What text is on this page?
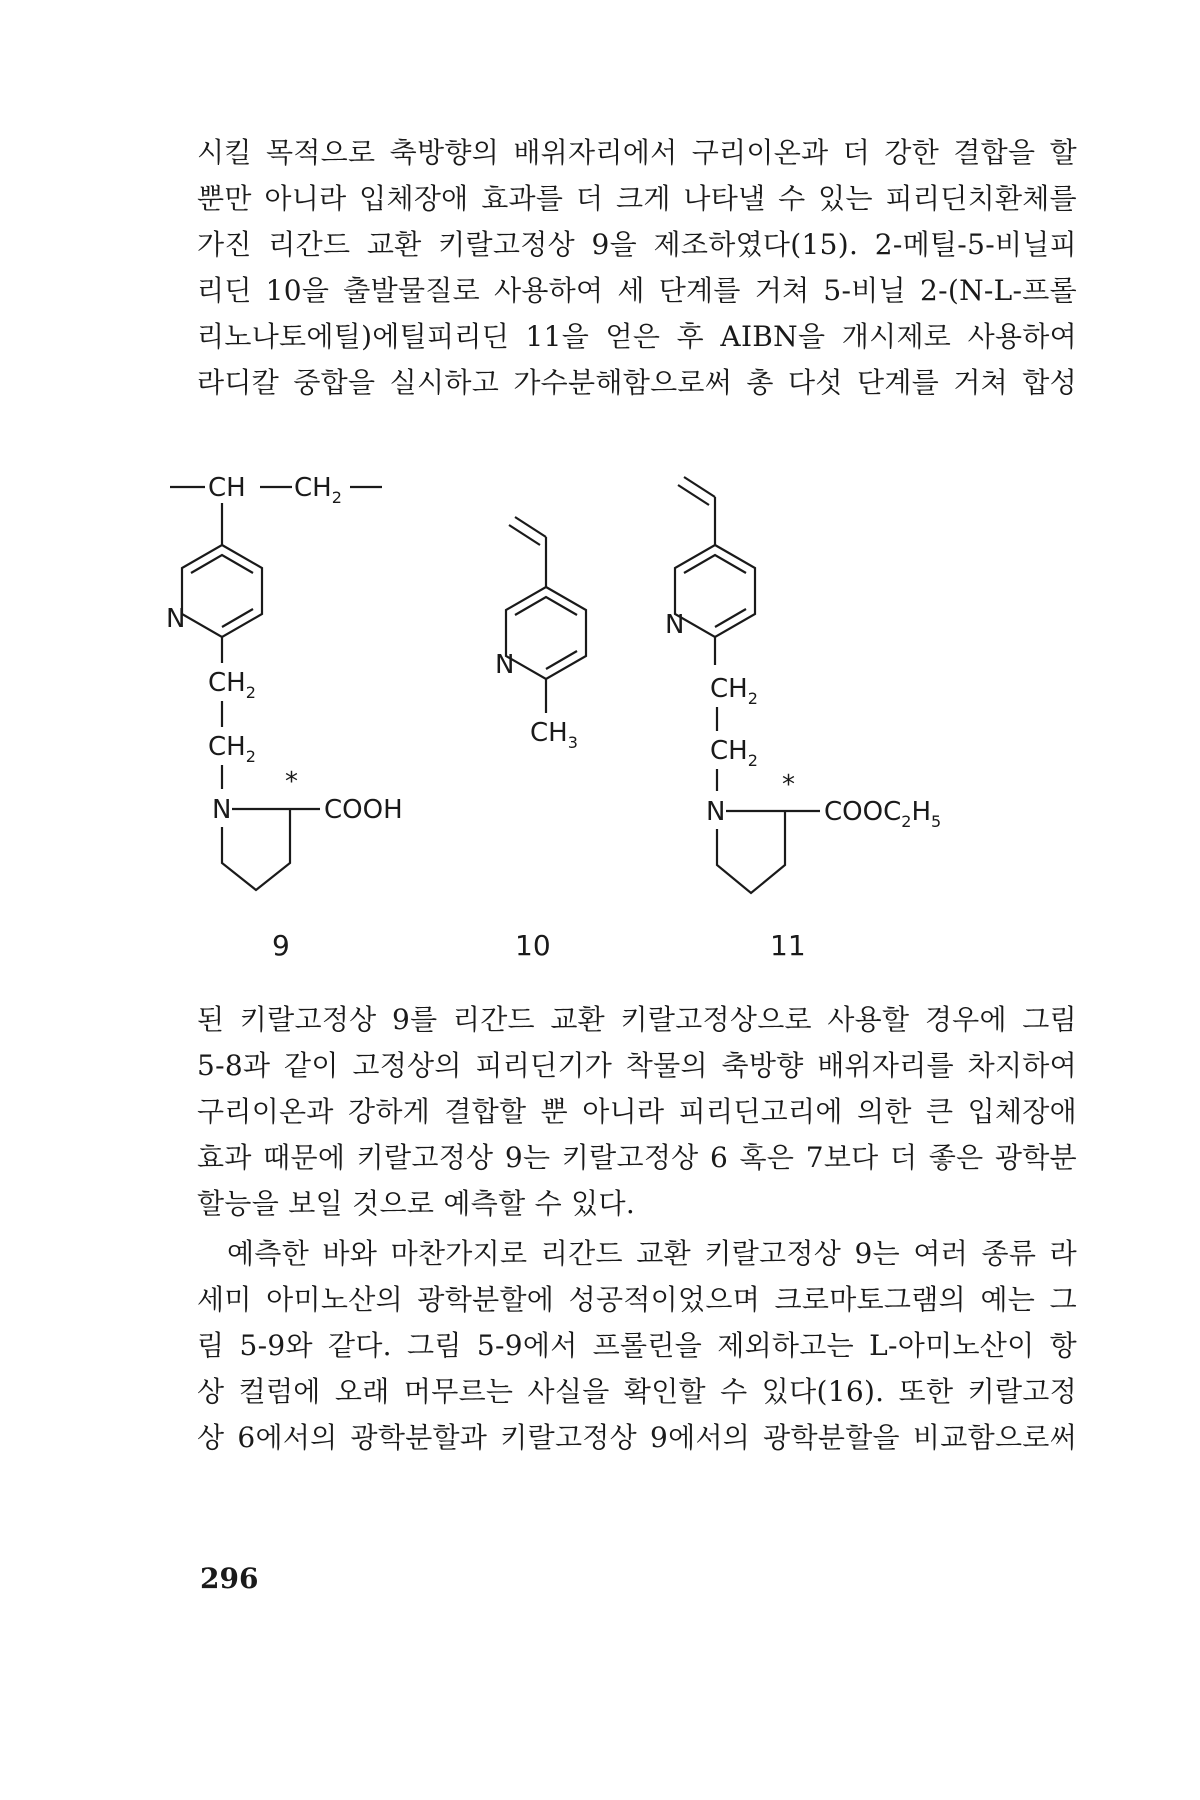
시킬 목적으로 축방향의 배위자리에서 구리이온과 더 강한 결합을 할
뿐만 아니라 입체장애 효과를 더 크게 나타낼 수 있는 피리딘치환체를
가진 리간드 교환 키랄고정상 9을 제조하였다(15). 2-메틸-5-비닐피
리딘 10을 출발물질로 사용하여 세 단계를 거쳐 5-비닐 2-(N-L-프롤
리노나토에틸)에틸피리딘 11을 얻은 후 AIBN을 개시제로 사용하여
라디칼 중합을 실시하고 가수분해함으로써 총 다섯 단계를 거쳐 합성
CH $CH_2$
N
$CH_2$
$CH_2$
N
*
COOH
9
N
$CH_3$
10
N
$CH_2$
$CH_2$
N
*
$COOC_2H_5$
11
된 키랄고정상 9를 리간드 교환 키랄고정상으로 사용할 경우에 그림
5-8과 같이 고정상의 피리딘기가 착물의 축방향 배위자리를 차지하여
구리이온과 강하게 결합할 뿐 아니라 피리딘고리에 의한 큰 입체장애
효과 때문에 키랄고정상 9는 키랄고정상 6 혹은 7보다 더 좋은 광학분
할능을 보일 것으로 예측할 수 있다.
예측한 바와 마찬가지로 리간드 교환 키랄고정상 9는 여러 종류 라
세미 아미노산의 광학분할에 성공적이었으며 크로마토그램의 예는 그
림 5-9와 같다. 그림 5-9에서 프롤린을 제외하고는 L-아미노산이 항
상 컬럼에 오래 머무르는 사실을 확인할 수 있다(16). 또한 키랄고정
상 6에서의 광학분할과 키랄고정상 9에서의 광학분할을 비교함으로써
296
